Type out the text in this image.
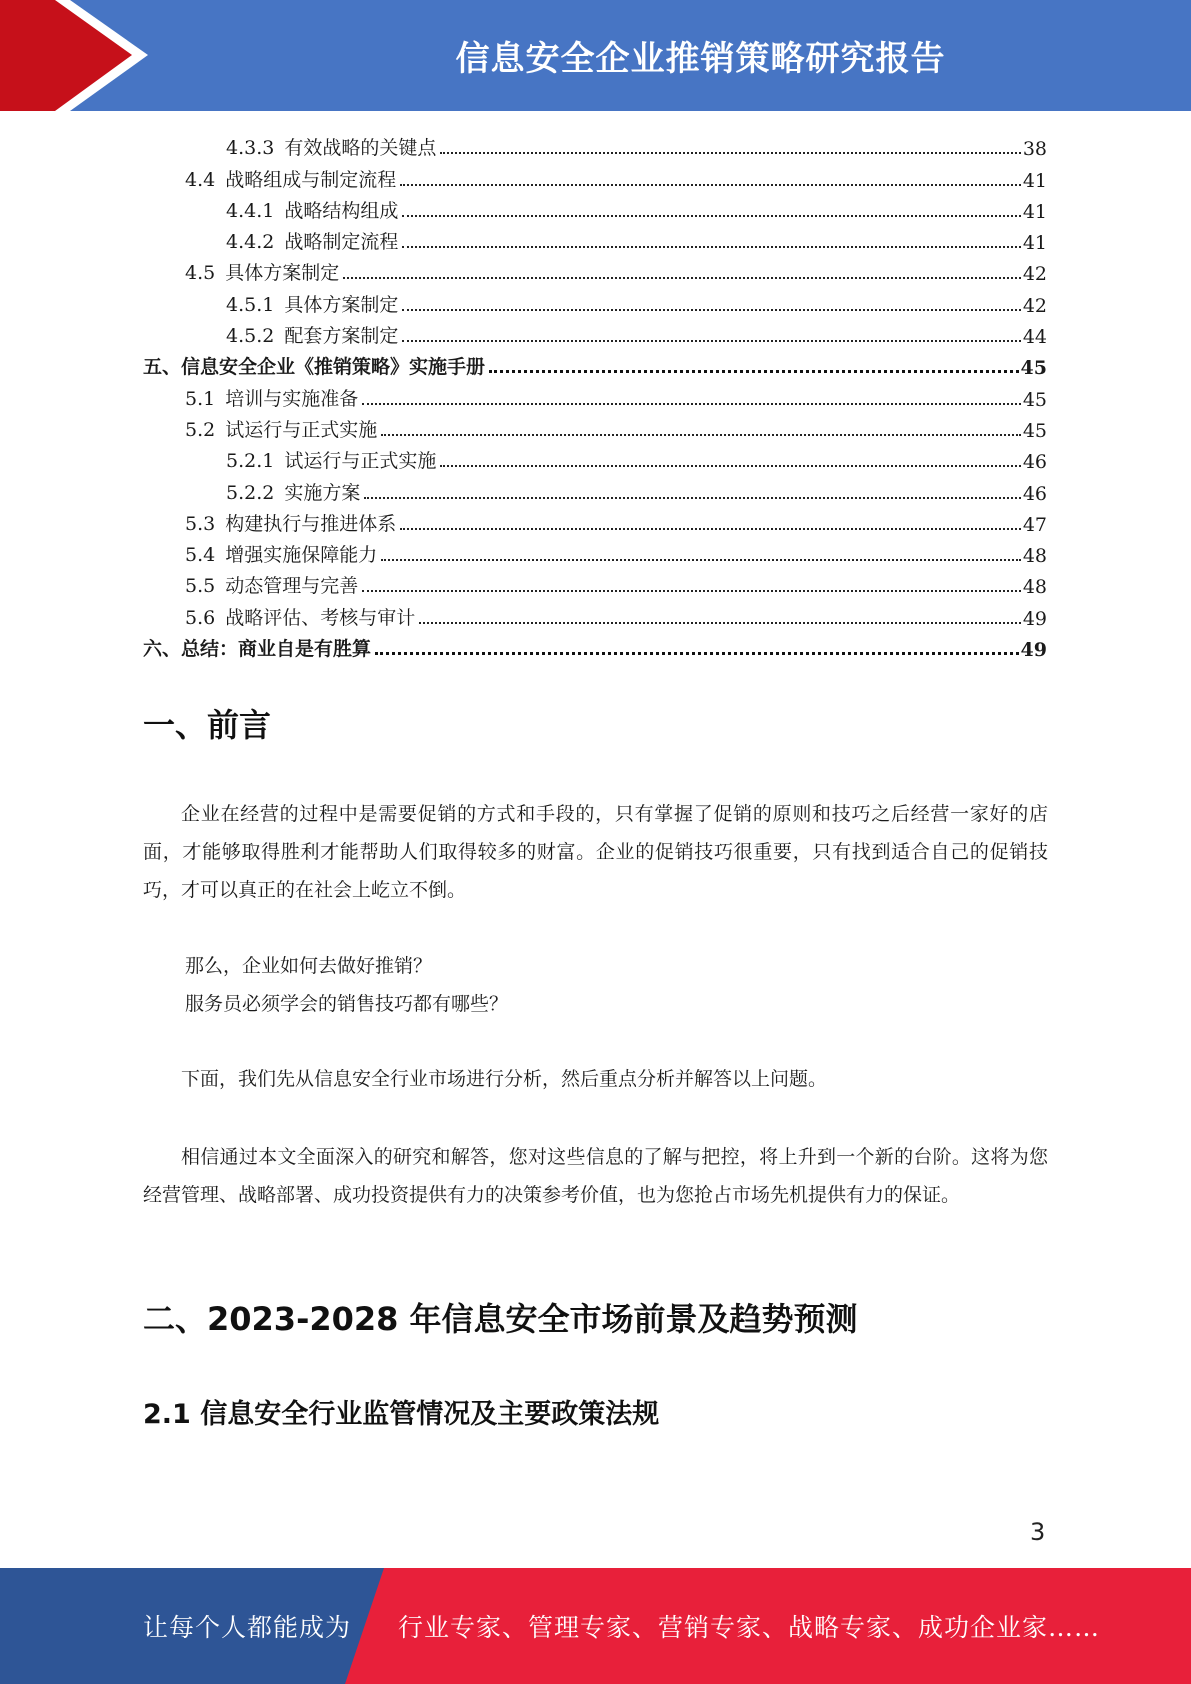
信息安全企业推销策略研究报告
4.3.3 有效战略的关键点	38
4.4 战略组成与制定流程	41
4.4.1 战略结构组成	41
4.4.2 战略制定流程	41
4.5 具体方案制定	42
4.5.1 具体方案制定	42
4.5.2 配套方案制定	44
五、信息安全企业《推销策略》实施手册	45
5.1 培训与实施准备	45
5.2 试运行与正式实施	45
5.2.1 试运行与正式实施	46
5.2.2 实施方案	46
5.3 构建执行与推进体系	47
5.4 增强实施保障能力	48
5.5 动态管理与完善	48
5.6 战略评估、考核与审计	49
六、总结：商业自是有胜算	49
一、前言
企业在经营的过程中是需要促销的方式和手段的，只有掌握了促销的原则和技巧之后经营一家好的店面，才能够取得胜利才能帮助人们取得较多的财富。企业的促销技巧很重要，只有找到适合自己的促销技巧，才可以真正的在社会上屹立不倒。
那么，企业如何去做好推销？
服务员必须学会的销售技巧都有哪些？
下面，我们先从信息安全行业市场进行分析，然后重点分析并解答以上问题。
相信通过本文全面深入的研究和解答，您对这些信息的了解与把控，将上升到一个新的台阶。这将为您经营管理、战略部署、成功投资提供有力的决策参考价值，也为您抢占市场先机提供有力的保证。
二、2023-2028 年信息安全市场前景及趋势预测
2.1 信息安全行业监管情况及主要政策法规
3
让每个人都能成为 行业专家、管理专家、营销专家、战略专家、成功企业家……
